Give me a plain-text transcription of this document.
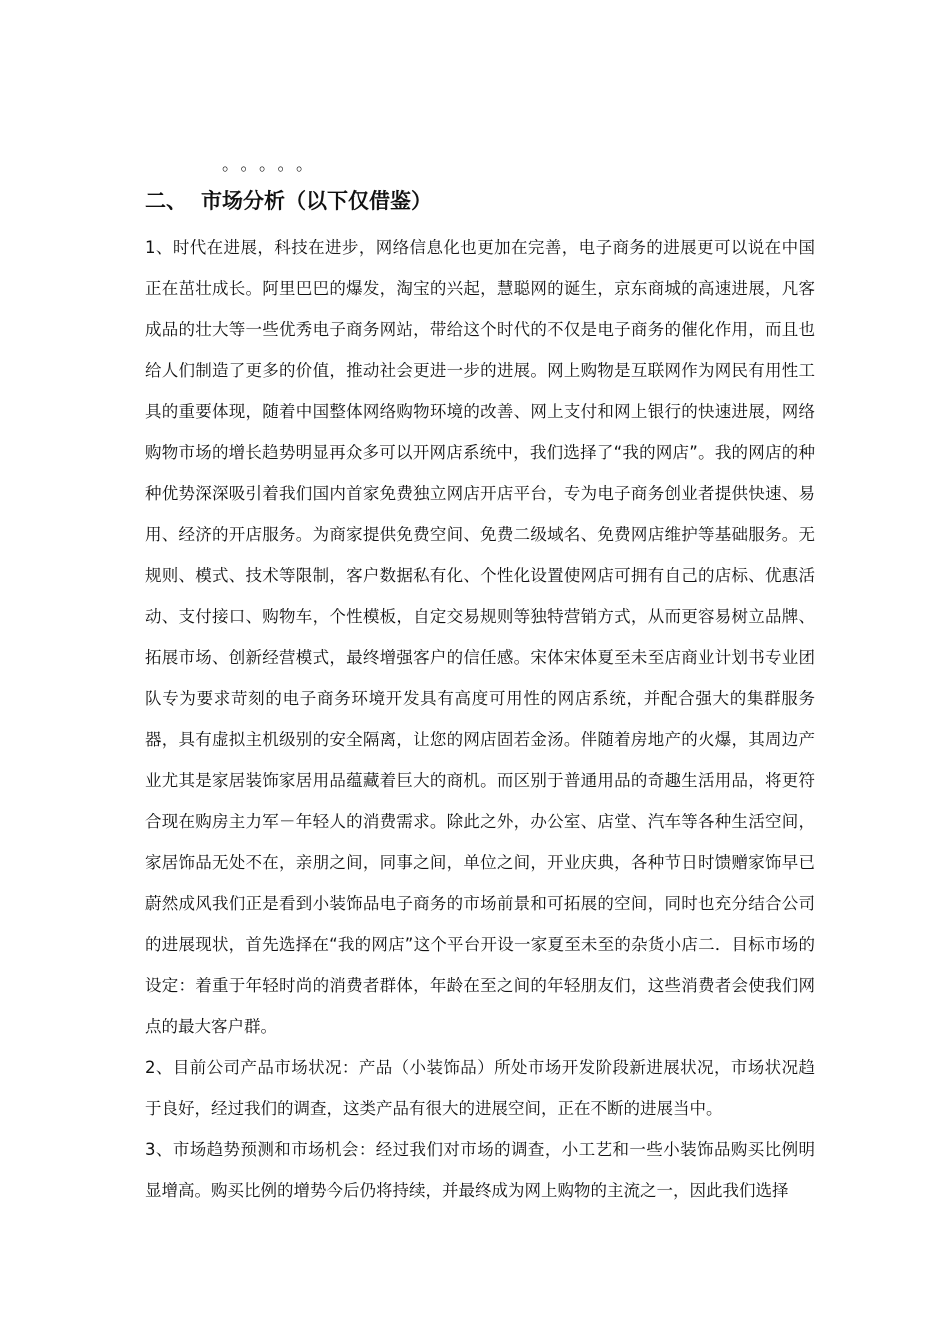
。。。。。
二、 市场分析（以下仅借鉴）

1、时代在进展，科技在进步，网络信息化也更加在完善，电子商务的进展更可以说在中国正在茁壮成长。阿里巴巴的爆发，淘宝的兴起，慧聪网的诞生，京东商城的高速进展，凡客成品的壮大等一些优秀电子商务网站，带给这个时代的不仅是电子商务的催化作用，而且也给人们制造了更多的价值，推动社会更进一步的进展。网上购物是互联网作为网民有用性工具的重要体现，随着中国整体网络购物环境的改善、网上支付和网上银行的快速进展，网络购物市场的增长趋势明显再众多可以开网店系统中，我们选择了“我的网店”。我的网店的种种优势深深吸引着我们国内首家免费独立网店开店平台，专为电子商务创业者提供快速、易用、经济的开店服务。为商家提供免费空间、免费二级域名、免费网店维护等基础服务。无规则、模式、技术等限制，客户数据私有化、个性化设置使网店可拥有自己的店标、优惠活动、支付接口、购物车，个性模板，自定交易规则等独特营销方式，从而更容易树立品牌、拓展市场、创新经营模式，最终增强客户的信任感。宋体宋体夏至未至店商业计划书专业团队专为要求苛刻的电子商务环境开发具有高度可用性的网店系统，并配合强大的集群服务器，具有虚拟主机级别的安全隔离，让您的网店固若金汤。伴随着房地产的火爆，其周边产业尤其是家居装饰家居用品蕴藏着巨大的商机。而区别于普通用品的奇趣生活用品，将更符合现在购房主力军－年轻人的消费需求。除此之外，办公室、店堂、汽车等各种生活空间，家居饰品无处不在，亲朋之间，同事之间，单位之间，开业庆典，各种节日时馈赠家饰早已蔚然成风我们正是看到小装饰品电子商务的市场前景和可拓展的空间，同时也充分结合公司的进展现状，首先选择在“我的网店”这个平台开设一家夏至未至的杂货小店二．目标市场的设定：着重于年轻时尚的消费者群体，年龄在至之间的年轻朋友们，这些消费者会使我们网点的最大客户群。

2、目前公司产品市场状况：产品（小装饰品）所处市场开发阶段新进展状况，市场状况趋于良好，经过我们的调查，这类产品有很大的进展空间，正在不断的进展当中。

3、市场趋势预测和市场机会：经过我们对市场的调查，小工艺和一些小装饰品购买比例明显增高。购买比例的增势今后仍将持续，并最终成为网上购物的主流之一，因此我们选择
